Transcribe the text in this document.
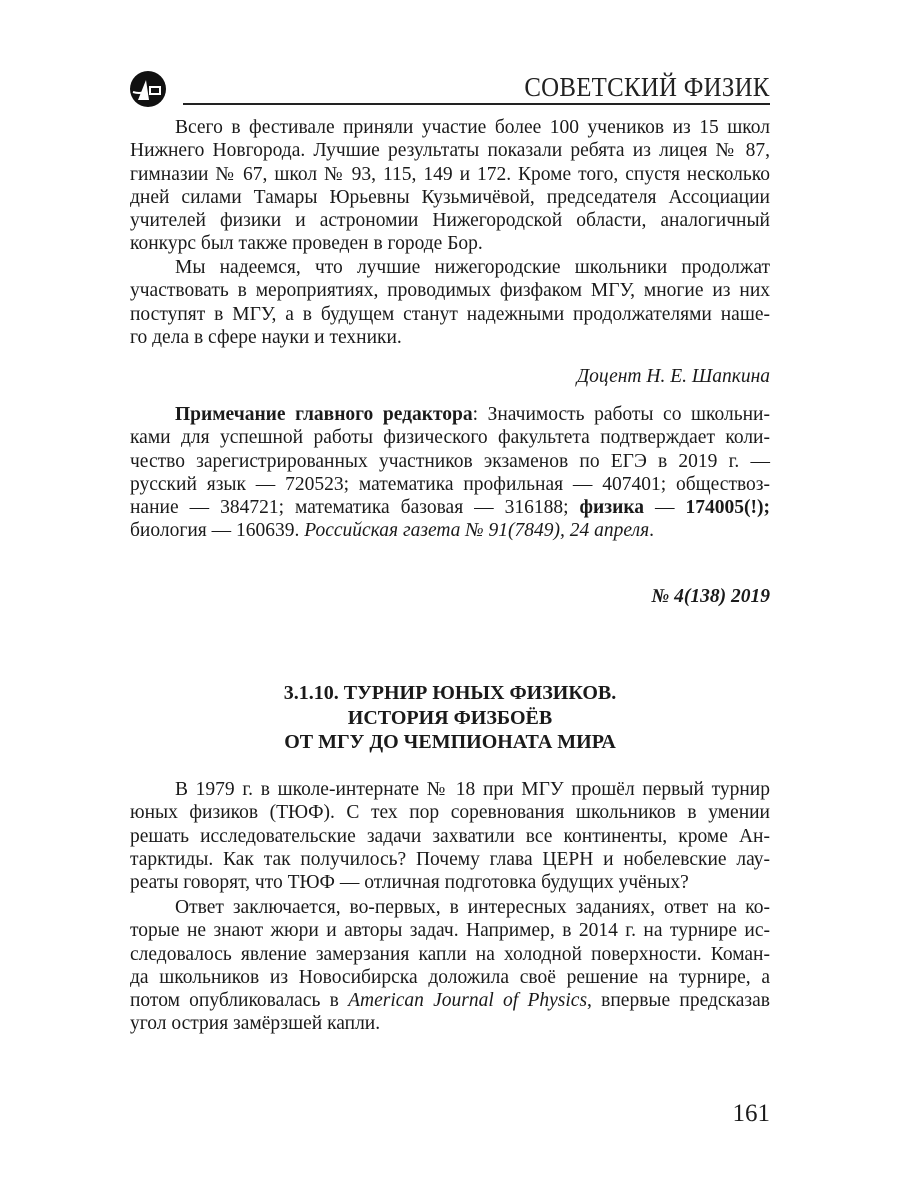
СОВЕТСКИЙ ФИЗИК
Всего в фестивале приняли участие более 100 учеников из 15 школ
Нижнего Новгорода. Лучшие результаты показали ребята из лицея № 87,
гимназии № 67, школ № 93, 115, 149 и 172. Кроме того, спустя несколько
дней силами Тамары Юрьевны Кузьмичёвой, председателя Ассоциации
учителей физики и астрономии Нижегородской области, аналогичный
конкурс был также проведен в городе Бор.
Мы надеемся, что лучшие нижегородские школьники продолжат
участвовать в мероприятиях, проводимых физфаком МГУ, многие из них
поступят в МГУ, а в будущем станут надежными продолжателями наше-
го дела в сфере науки и техники.
Доцент Н. Е. Шапкина
Примечание главного редактора: Значимость работы со школьни-
ками для успешной работы физического факультета подтверждает коли-
чество зарегистрированных участников экзаменов по ЕГЭ в 2019 г. —
русский язык — 720523; математика профильная — 407401; обществоз-
нание — 384721; математика базовая — 316188; физика — 174005(!);
биология — 160639. Российская газета № 91(7849), 24 апреля.
№ 4(138) 2019
3.1.10. ТУРНИР ЮНЫХ ФИЗИКОВ.
ИСТОРИЯ ФИЗБОЁВ
ОТ МГУ ДО ЧЕМПИОНАТА МИРА
В 1979 г. в школе-интернате № 18 при МГУ прошёл первый турнир
юных физиков (ТЮФ). С тех пор соревнования школьников в умении
решать исследовательские задачи захватили все континенты, кроме Ан-
тарктиды. Как так получилось? Почему глава ЦЕРН и нобелевские лау-
реаты говорят, что ТЮФ — отличная подготовка будущих учёных?
Ответ заключается, во-первых, в интересных заданиях, ответ на ко-
торые не знают жюри и авторы задач. Например, в 2014 г. на турнире ис-
следовалось явление замерзания капли на холодной поверхности. Коман-
да школьников из Новосибирска доложила своё решение на турнире, а
потом опубликовалась в American Journal of Physics, впервые предсказав
угол острия замёрзшей капли.
161
